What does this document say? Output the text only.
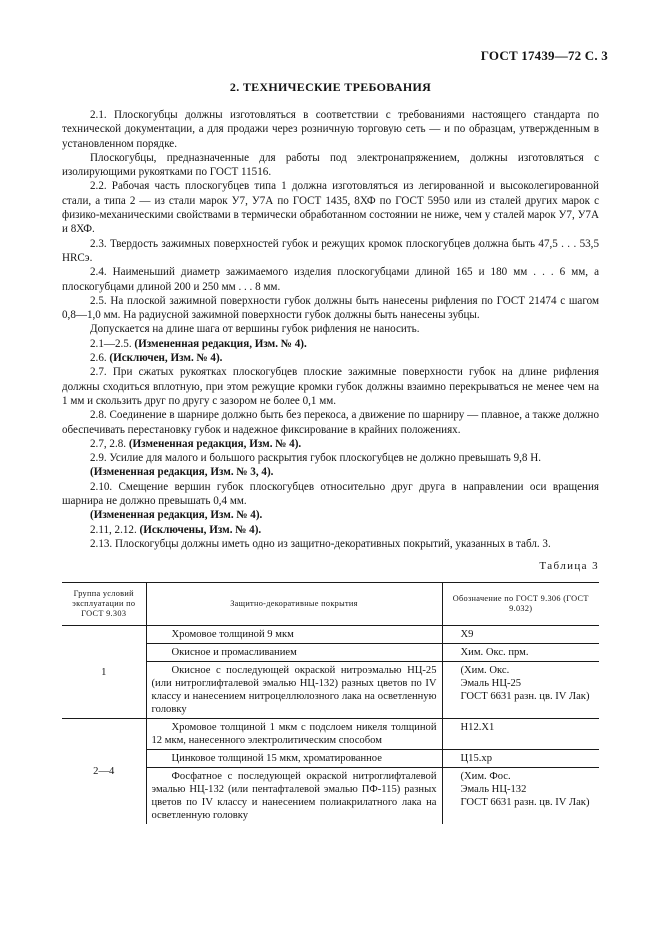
ГОСТ 17439—72 С. 3
2. ТЕХНИЧЕСКИЕ ТРЕБОВАНИЯ

2.1. Плоскогубцы должны изготовляться в соответствии с требованиями настоящего стандарта по технической документации, а для продажи через розничную торговую сеть — и по образцам, утвержденным в установленном порядке.

Плоскогубцы, предназначенные для работы под электронапряжением, должны изготовляться с изолирующими рукоятками по ГОСТ 11516.

2.2. Рабочая часть плоскогубцев типа 1 должна изготовляться из легированной и высоколегированной стали, а типа 2 — из стали марок У7, У7А по ГОСТ 1435, 8ХФ по ГОСТ 5950 или из сталей других марок с физико-механическими свойствами в термически обработанном состоянии не ниже, чем у сталей марок У7, У7А и 8ХФ.

2.3. Твердость зажимных поверхностей губок и режущих кромок плоскогубцев должна быть 47,5 . . . 53,5 HRCэ.

2.4. Наименьший диаметр зажимаемого изделия плоскогубцами длиной 165 и 180 мм . . . 6 мм, а плоскогубцами длиной 200 и 250 мм . . . 8 мм.

2.5. На плоской зажимной поверхности губок должны быть нанесены рифления по ГОСТ 21474 с шагом 0,8—1,0 мм. На радиусной зажимной поверхности губок должны быть нанесены зубцы.

Допускается на длине шага от вершины губок рифления не наносить.

2.1—2.5. (Измененная редакция, Изм. № 4).

2.6. (Исключен, Изм. № 4).

2.7. При сжатых рукоятках плоскогубцев плоские зажимные поверхности губок на длине рифления должны сходиться вплотную, при этом режущие кромки губок должны взаимно перекрываться не менее чем на 1 мм и скользить друг по другу с зазором не более 0,1 мм.

2.8. Соединение в шарнире должно быть без перекоса, а движение по шарниру — плавное, а также должно обеспечивать перестановку губок и надежное фиксирование в крайних положениях.

2.7, 2.8. (Измененная редакция, Изм. № 4).

2.9. Усилие для малого и большого раскрытия губок плоскогубцев не должно превышать 9,8 Н.

(Измененная редакция, Изм. № 3, 4).

2.10. Смещение вершин губок плоскогубцев относительно друг друга в направлении оси вращения шарнира не должно превышать 0,4 мм.

(Измененная редакция, Изм. № 4).

2.11, 2.12. (Исключены, Изм. № 4).

2.13. Плоскогубцы должны иметь одно из защитно-декоративных покрытий, указанных в табл. 3.

Таблица 3
Группа условий эксплуатации по ГОСТ 9.303	Защитно-декоративные покрытия	Обозначение по ГОСТ 9.306 (ГОСТ 9.032)
1	Хромовое толщиной 9 мкм	Х9
	Окисное и промасливанием	Хим. Окс. прм.
	Окисное с последующей окраской нитроэмалью НЦ-25 (или нитроглифталевой эмалью НЦ-132) разных цветов по IV классу и нанесением нитроцеллюлозного лака на осветленную головку	(Хим. Окс.
Эмаль НЦ-25
ГОСТ 6631 разн. цв. IV Лак)
2—4	Хромовое толщиной 1 мкм с подслоем никеля толщиной 12 мкм, нанесенного электролитическим способом	Н12.Х1
	Цинковое толщиной 15 мкм, хроматированное	Ц15.хр
	Фосфатное с последующей окраской нитроглифталевой эмалью НЦ-132 (или пентафталевой эмалью ПФ-115) разных цветов по IV классу и нанесением полиакрилатного лака на осветленную головку	(Хим. Фос.
Эмаль НЦ-132
ГОСТ 6631 разн. цв. IV Лак)
